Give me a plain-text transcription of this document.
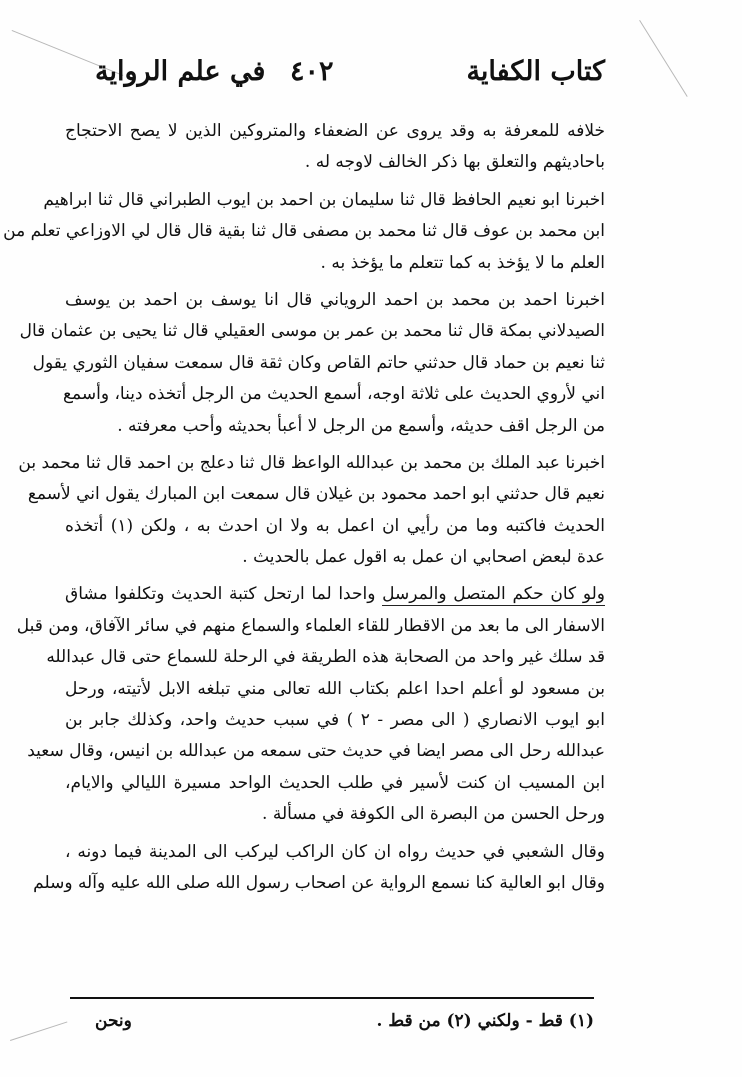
كتاب الكفاية
٤٠٢
في علم الرواية
خلافه للمعرفة به وقد يروى عن الضعفاء والمتروكين الذين لا يصح الاحتجاج
باحاديثهم والتعلق بها ذكر الخالف لاوجه له .
اخبرنا ابو نعيم الحافظ قال ثنا سليمان بن احمد بن ايوب الطبراني قال ثنا ابراهيم
ابن محمد بن عوف قال ثنا محمد بن مصفى قال ثنا بقية قال قال لي الاوزاعي تعلم من
العلم ما لا يؤخذ به كما تتعلم ما يؤخذ به .
اخبرنا احمد بن محمد بن احمد الروياني قال انا يوسف بن احمد بن يوسف
الصيدلاني بمكة قال ثنا محمد بن عمر بن موسى العقيلي قال ثنا يحيى بن عثمان قال
ثنا نعيم بن حماد قال حدثني حاتم القاص وكان ثقة قال سمعت سفيان الثوري يقول
اني لأروي الحديث على ثلاثة اوجه، أسمع الحديث من الرجل أتخذه دينا، وأسمع
من الرجل اقف حديثه، وأسمع من الرجل لا أعبأ بحديثه وأحب معرفته .
اخبرنا عبد الملك بن محمد بن عبدالله الواعظ قال ثنا دعلج بن احمد قال ثنا محمد بن
نعيم قال حدثني ابو احمد محمود بن غيلان قال سمعت ابن المبارك يقول اني لأسمع
الحديث فاكتبه وما من رأيي ان اعمل به ولا ان احدث به ، ولكن (١) أتخذه
عدة لبعض اصحابي ان عمل به اقول عمل بالحديث .
ولو كان حكم المتصل والمرسل واحدا لما ارتحل كتبة الحديث وتكلفوا مشاق
الاسفار الى ما بعد من الاقطار للقاء العلماء والسماع منهم في سائر الآفاق، ومن قبل
قد سلك غير واحد من الصحابة هذه الطريقة في الرحلة للسماع حتى قال عبدالله
بن مسعود لو أعلم احدا اعلم بكتاب الله تعالى مني تبلغه الابل لأتيته، ورحل
ابو ايوب الانصاري ( الى مصر - ٢ ) في سبب حديث واحد، وكذلك جابر بن
عبدالله رحل الى مصر ايضا في حديث حتى سمعه من عبدالله بن انيس، وقال سعيد
ابن المسيب ان كنت لأسير في طلب الحديث الواحد مسيرة الليالي والايام،
ورحل الحسن من البصرة الى الكوفة في مسألة .
وقال الشعبي في حديث رواه ان كان الراكب ليركب الى المدينة فيما دونه ،
وقال ابو العالية كنا نسمع الرواية عن اصحاب رسول الله صلى الله عليه وآله وسلم
(١) قط - ولكني (٢) من قط .
ونحن
